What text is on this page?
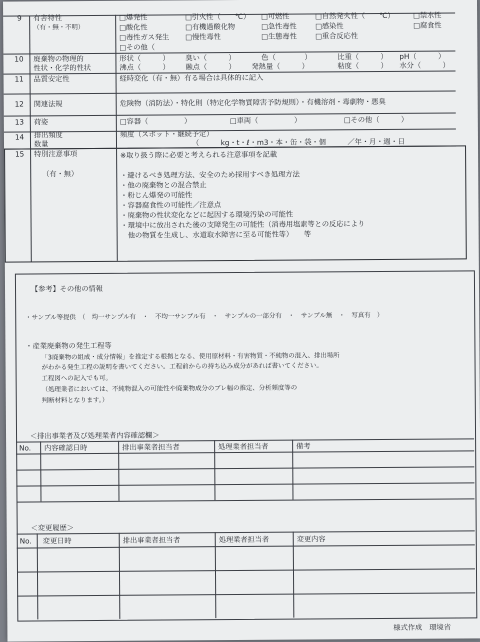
9 有害特性
（有・無・不明）
□爆発性	□引火性（　　℃） □可燃性	□自然発火性（　　℃）	□禁水性
□酸化性	□有機過酸化物	□急性毒性	□感染性	□腐食性
□毒性ガス発生 □慢性毒性	□生態毒性	□重合反応性
□その他（
10 廃棄物の物理的
性状・化学的性状
形状（　　　） 臭い（　　　）	色（　　　　）	比重（　　　） pH（　　　）
沸点（　　　） 融点（　　　） 発熱量（　　　）	粘度（　　　） 水分（　　　）
11 品質安定性	経時変化（有・無）有る場合は具体的に記入
12 関連法規	危険物（消防法）・特化則（特定化学物質障害予防規則）・有機溶剤・毒劇物・悪臭
13 荷姿	□容器（　　　　　）	□車両（　　　　　）	□その他（　　　）
14 排出頻度
数量
頻度（スポット・継続予定）
（　　　kg・t・ℓ・m3・本・缶・袋・個　　　／年・月・週・日
15 特別注意事項
（有・無）
※取り扱う際に必要と考えられる注意事項を記載
・避けるべき処理方法、安全のため採用すべき処理方法
・他の廃棄物との混合禁止
・粉じん爆発の可能性
・容器腐食性の可能性／注意点
・廃棄物の性状変化などに起因する環境汚染の可能性
・環境中に放出された後の支障発生の可能性（消毒用塩素等との反応により
　他の物質を生成し、水道取水障害に至る可能性等）　　等
【参考】その他の情報
・サンプル等提供　（　均一サンプル有　・　不均一サンプル有　・　サンプルの一部分有　・　サンプル無　・　写真有　）
・産業廃棄物の発生工程等
「3廃棄物の組成・成分情報」を推定する根拠となる、使用原材料・有害物質・不純物の混入、排出場所
がわかる発生工程の説明を書いてください。工程前からの持ち込み成分があれば書いてください。
工程図への記入でも可。
（処理業者においては、不純物混入の可能性や廃棄物成分のブレ幅の推定、分析頻度等の
判断材料となります。）
＜排出事業者及び処理業者内容確認欄＞
No. 内容確認日時	排出事業者担当者	処理業者担当者	備考
＜変更履歴＞
No. 変更日時	排出事業者担当者	処理業者担当者	変更内容
様式作成　環境省
